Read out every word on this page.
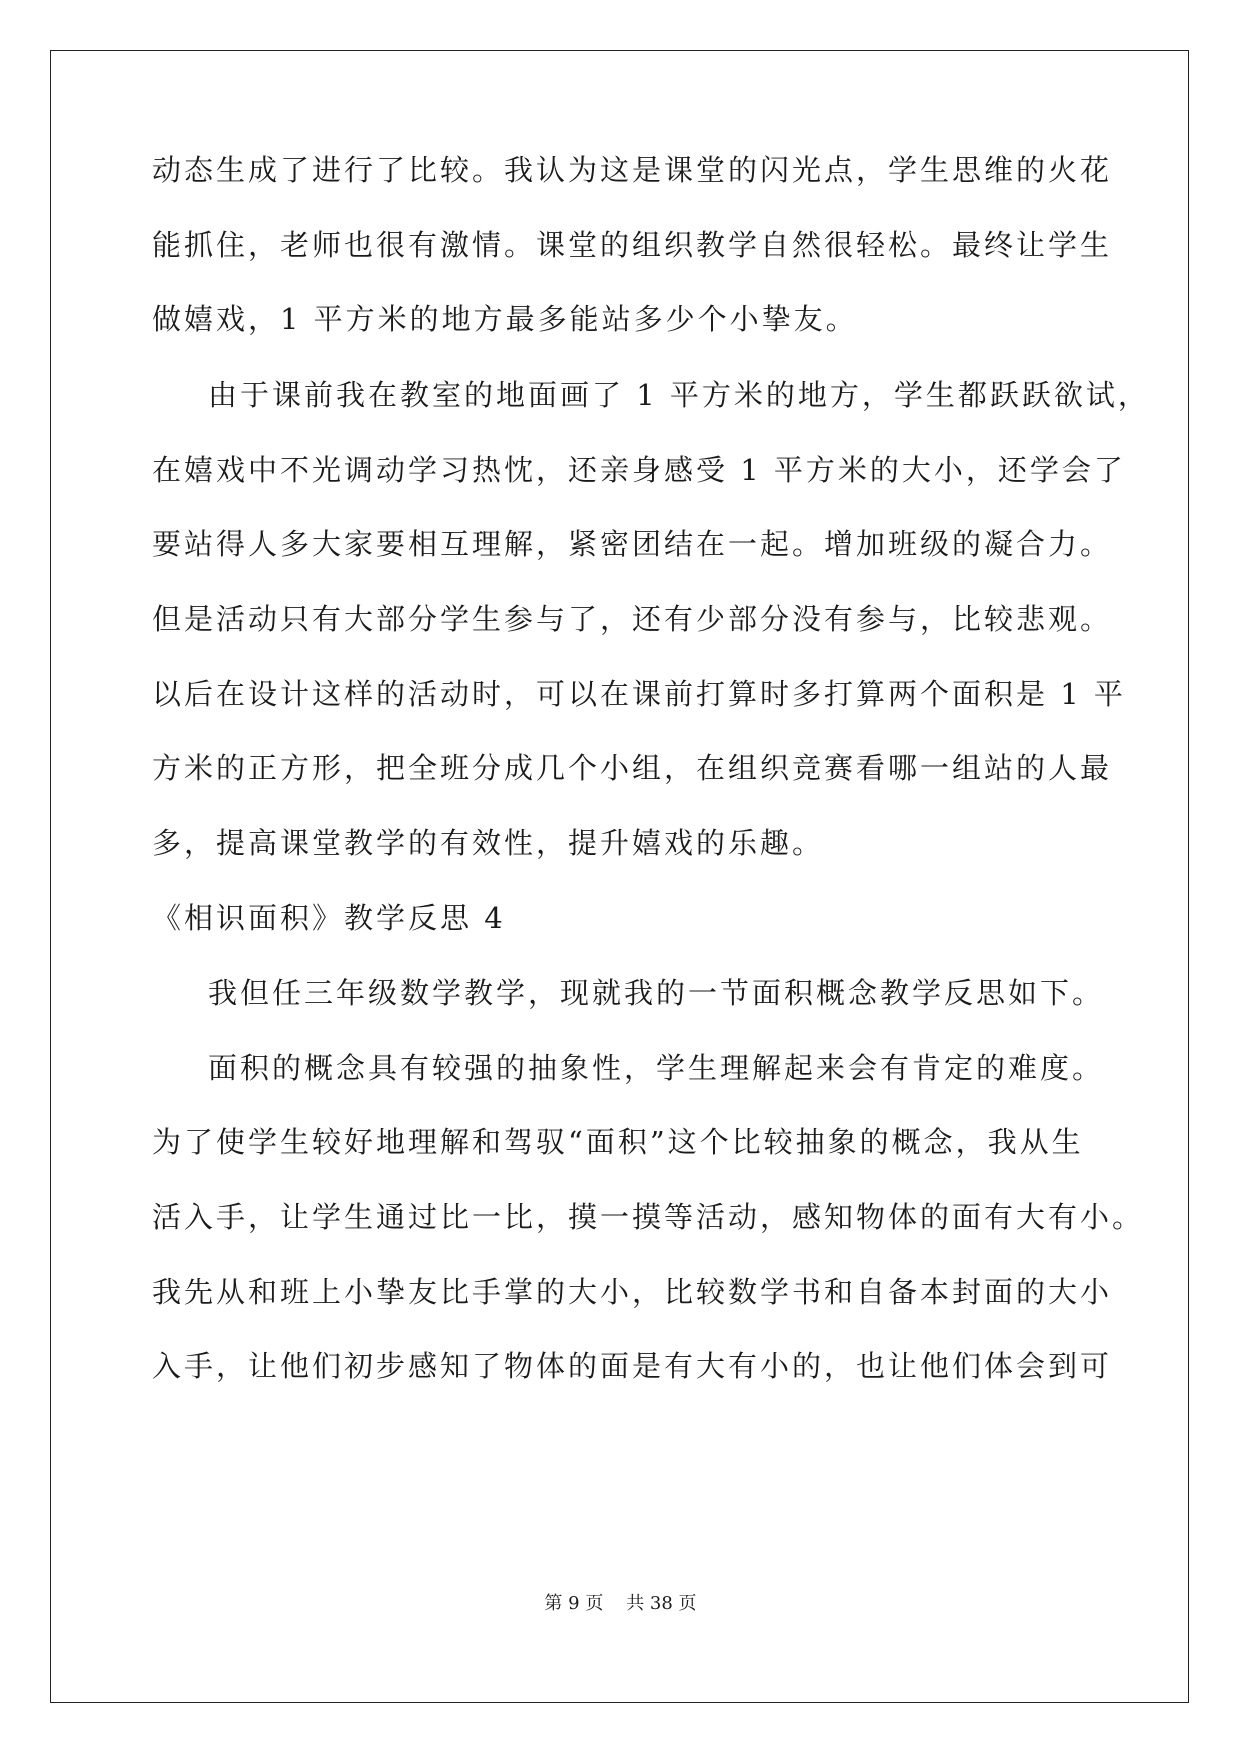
动态生成了进行了比较。我认为这是课堂的闪光点，学生思维的火花

能抓住，老师也很有激情。课堂的组织教学自然很轻松。最终让学生

做嬉戏，1 平方米的地方最多能站多少个小挚友。

由于课前我在教室的地面画了 1 平方米的地方，学生都跃跃欲试，

在嬉戏中不光调动学习热忱，还亲身感受 1 平方米的大小，还学会了

要站得人多大家要相互理解，紧密团结在一起。增加班级的凝合力。

但是活动只有大部分学生参与了，还有少部分没有参与，比较悲观。

以后在设计这样的活动时，可以在课前打算时多打算两个面积是 1 平

方米的正方形，把全班分成几个小组，在组织竞赛看哪一组站的人最

多，提高课堂教学的有效性，提升嬉戏的乐趣。

《相识面积》教学反思 4

我但任三年级数学教学，现就我的一节面积概念教学反思如下。

面积的概念具有较强的抽象性，学生理解起来会有肯定的难度。

为了使学生较好地理解和驾驭“面积”这个比较抽象的概念，我从生

活入手，让学生通过比一比，摸一摸等活动，感知物体的面有大有小。

我先从和班上小挚友比手掌的大小，比较数学书和自备本封面的大小

入手，让他们初步感知了物体的面是有大有小的，也让他们体会到可

第 9 页    共 38 页
